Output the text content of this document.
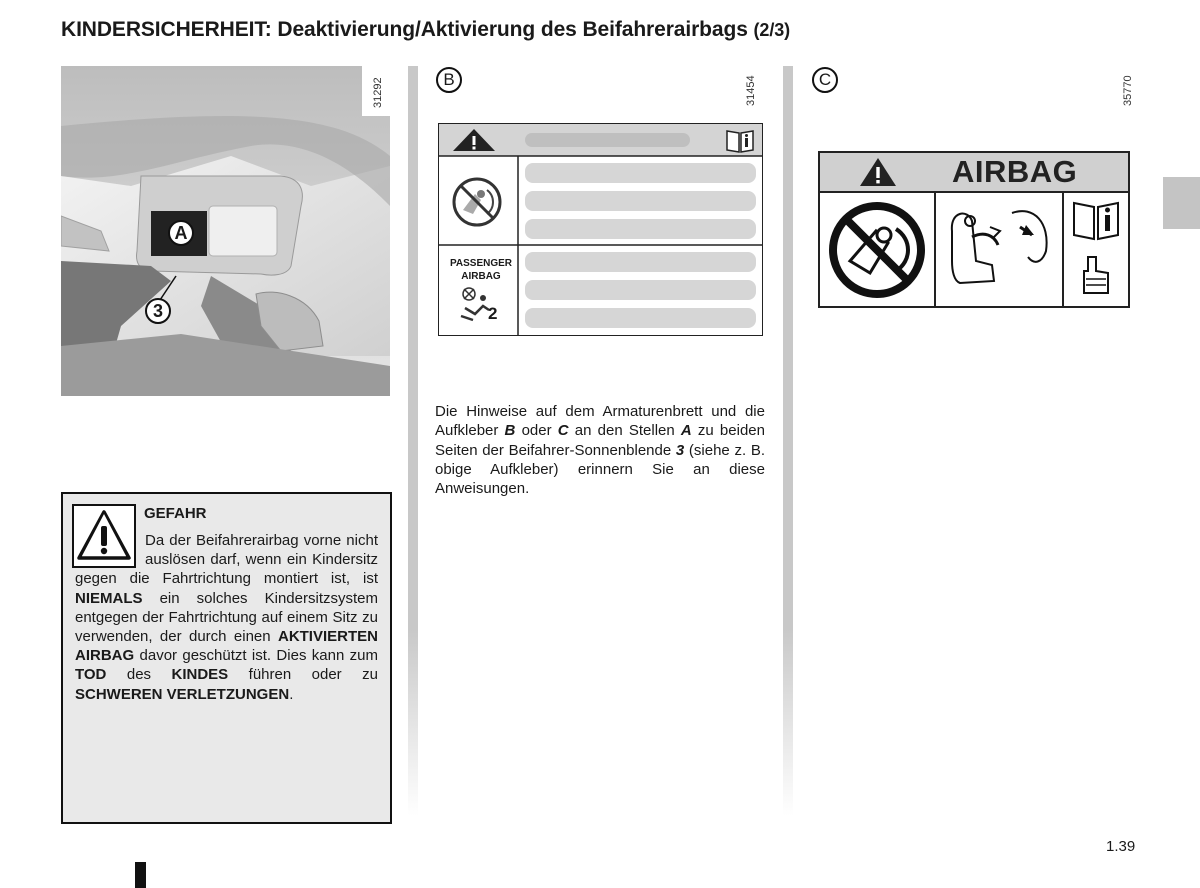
KINDERSICHERHEIT: Deaktivierung/Aktivierung des Beifahrerairbags (2/3)
A
3
31292
GEFAHR
Da der Beifahrerairbag vorne nicht auslösen darf, wenn ein Kindersitz gegen die Fahrtrichtung montiert ist, ist NIEMALS ein solches Kindersitzsystem entgegen der Fahrtrichtung auf einem Sitz zu verwenden, der durch einen AKTIVIERTEN AIRBAG davor geschützt ist. Dies kann zum TOD des KINDES führen oder zu SCHWEREN VERLETZUNGEN.
B	31454
PASSENGER
AIRBAG
2
Die Hinweise auf dem Armaturenbrett und die Aufkleber B oder C an den Stellen A zu beiden Seiten der Beifahrer-Sonnenblende 3 (siehe z. B. obige Aufkleber) erinnern Sie an diese Anweisungen.
C	35770
AIRBAG
1.39
